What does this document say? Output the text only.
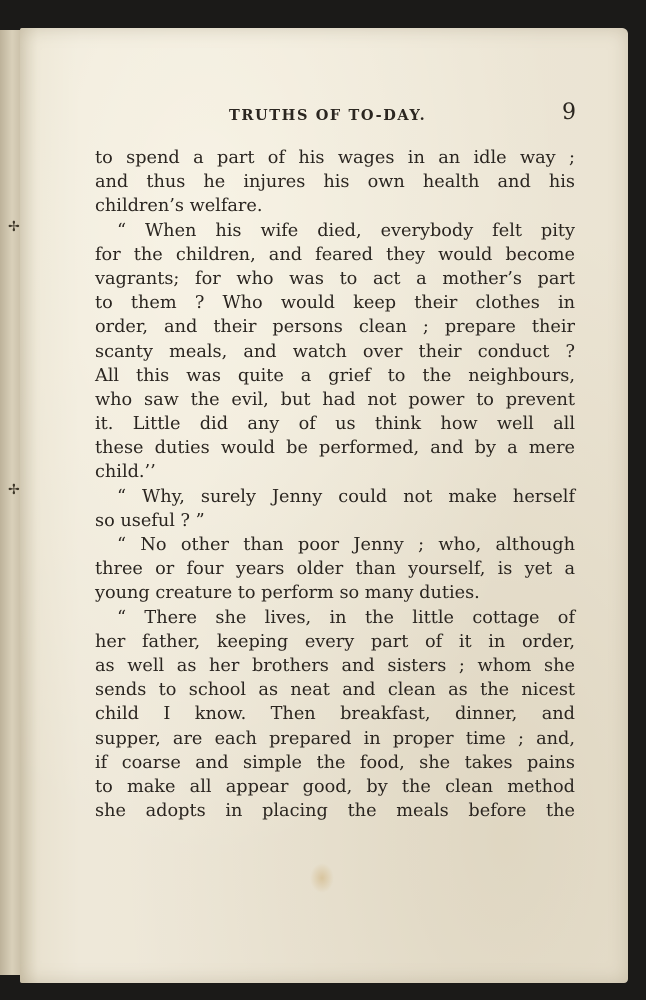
✢
✢
TRUTHS OF TO-DAY.	9
to spend a part of his wages in an idle way ;
and thus he injures his own health and his
children’s welfare.
“ When his wife died, everybody felt pity
for the children, and feared they would become
vagrants; for who was to act a mother’s part
to them ? Who would keep their clothes in
order, and their persons clean ; prepare their
scanty meals, and watch over their conduct ?
All this was quite a grief to the neighbours,
who saw the evil, but had not power to prevent
it. Little did any of us think how well all
these duties would be performed, and by a mere
child.’’
“ Why, surely Jenny could not make herself
so useful ? ”
“ No other than poor Jenny ; who, although
three or four years older than yourself, is yet a
young creature to perform so many duties.
“ There she lives, in the little cottage of
her father, keeping every part of it in order,
as well as her brothers and sisters ; whom she
sends to school as neat and clean as the nicest
child I know. Then breakfast, dinner, and
supper, are each prepared in proper time ; and,
if coarse and simple the food, she takes pains
to make all appear good, by the clean method
she adopts in placing the meals before the
